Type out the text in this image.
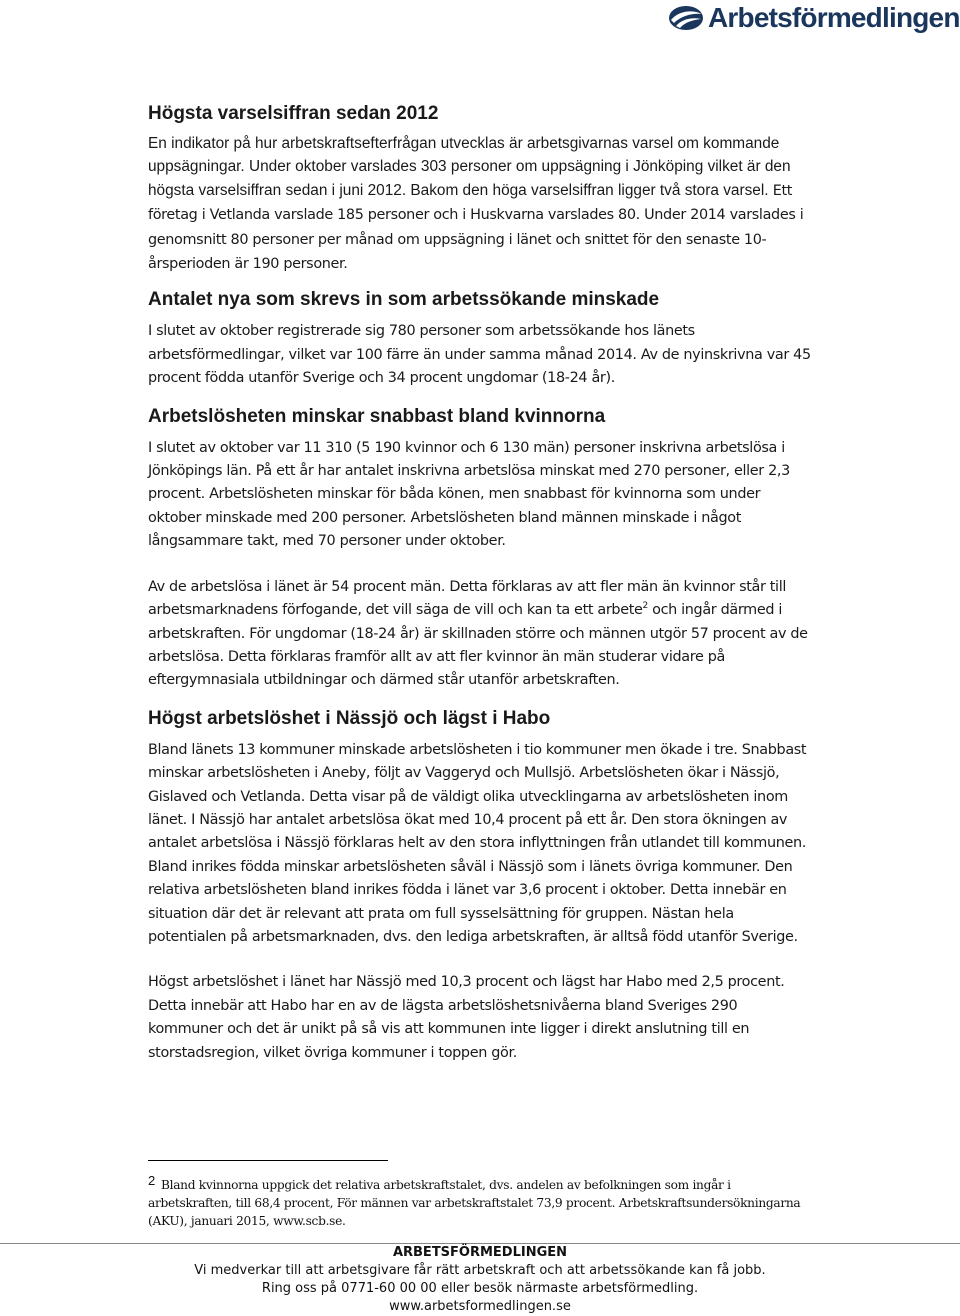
Arbetsförmedlingen
Högsta varselsiffran sedan 2012

En indikator på hur arbetskraftsefterfrågan utvecklas är arbetsgivarnas varsel om kommande uppsägningar. Under oktober varslades 303 personer om uppsägning i Jönköping vilket är den högsta varselsiffran sedan i juni 2012. Bakom den höga varselsiffran ligger två stora varsel. Ett företag i Vetlanda varslade 185 personer och i Huskvarna varslades 80. Under 2014 varslades i genomsnitt 80 personer per månad om uppsägning i länet och snittet för den senaste 10-årsperioden är 190 personer.

Antalet nya som skrevs in som arbetssökande minskade

I slutet av oktober registrerade sig 780 personer som arbetssökande hos länets arbetsförmedlingar, vilket var 100 färre än under samma månad 2014. Av de nyinskrivna var 45 procent födda utanför Sverige och 34 procent ungdomar (18-24 år).

Arbetslösheten minskar snabbast bland kvinnorna

I slutet av oktober var 11 310 (5 190 kvinnor och 6 130 män) personer inskrivna arbetslösa i Jönköpings län. På ett år har antalet inskrivna arbetslösa minskat med 270 personer, eller 2,3 procent. Arbetslösheten minskar för båda könen, men snabbast för kvinnorna som under oktober minskade med 200 personer. Arbetslösheten bland männen minskade i något långsammare takt, med 70 personer under oktober.

Av de arbetslösa i länet är 54 procent män. Detta förklaras av att fler män än kvinnor står till arbetsmarknadens förfogande, det vill säga de vill och kan ta ett arbete$^2$ och ingår därmed i arbetskraften. För ungdomar (18-24 år) är skillnaden större och männen utgör 57 procent av de arbetslösa. Detta förklaras framför allt av att fler kvinnor än män studerar vidare på eftergymnasiala utbildningar och därmed står utanför arbetskraften.

Högst arbetslöshet i Nässjö och lägst i Habo

Bland länets 13 kommuner minskade arbetslösheten i tio kommuner men ökade i tre. Snabbast minskar arbetslösheten i Aneby, följt av Vaggeryd och Mullsjö. Arbetslösheten ökar i Nässjö, Gislaved och Vetlanda. Detta visar på de väldigt olika utvecklingarna av arbetslösheten inom länet. I Nässjö har antalet arbetslösa ökat med 10,4 procent på ett år. Den stora ökningen av antalet arbetslösa i Nässjö förklaras helt av den stora inflyttningen från utlandet till kommunen. Bland inrikes födda minskar arbetslösheten såväl i Nässjö som i länets övriga kommuner. Den relativa arbetslösheten bland inrikes födda i länet var 3,6 procent i oktober. Detta innebär en situation där det är relevant att prata om full sysselsättning för gruppen. Nästan hela potentialen på arbetsmarknaden, dvs. den lediga arbetskraften, är alltså född utanför Sverige.

Högst arbetslöshet i länet har Nässjö med 10,3 procent och lägst har Habo med 2,5 procent. Detta innebär att Habo har en av de lägsta arbetslöshetsnivåerna bland Sveriges 290 kommuner och det är unikt på så vis att kommunen inte ligger i direkt anslutning till en storstadsregion, vilket övriga kommuner i toppen gör.

2 Bland kvinnorna uppgick det relativa arbetskraftstalet, dvs. andelen av befolkningen som ingår i arbetskraften, till 68,4 procent, För männen var arbetskraftstalet 73,9 procent. Arbetskraftsundersökningarna (AKU), januari 2015, www.scb.se.
ARBETSFÖRMEDLINGEN
Vi medverkar till att arbetsgivare får rätt arbetskraft och att arbetssökande kan få jobb.
Ring oss på 0771-60 00 00 eller besök närmaste arbetsförmedling.
www.arbetsformedlingen.se
